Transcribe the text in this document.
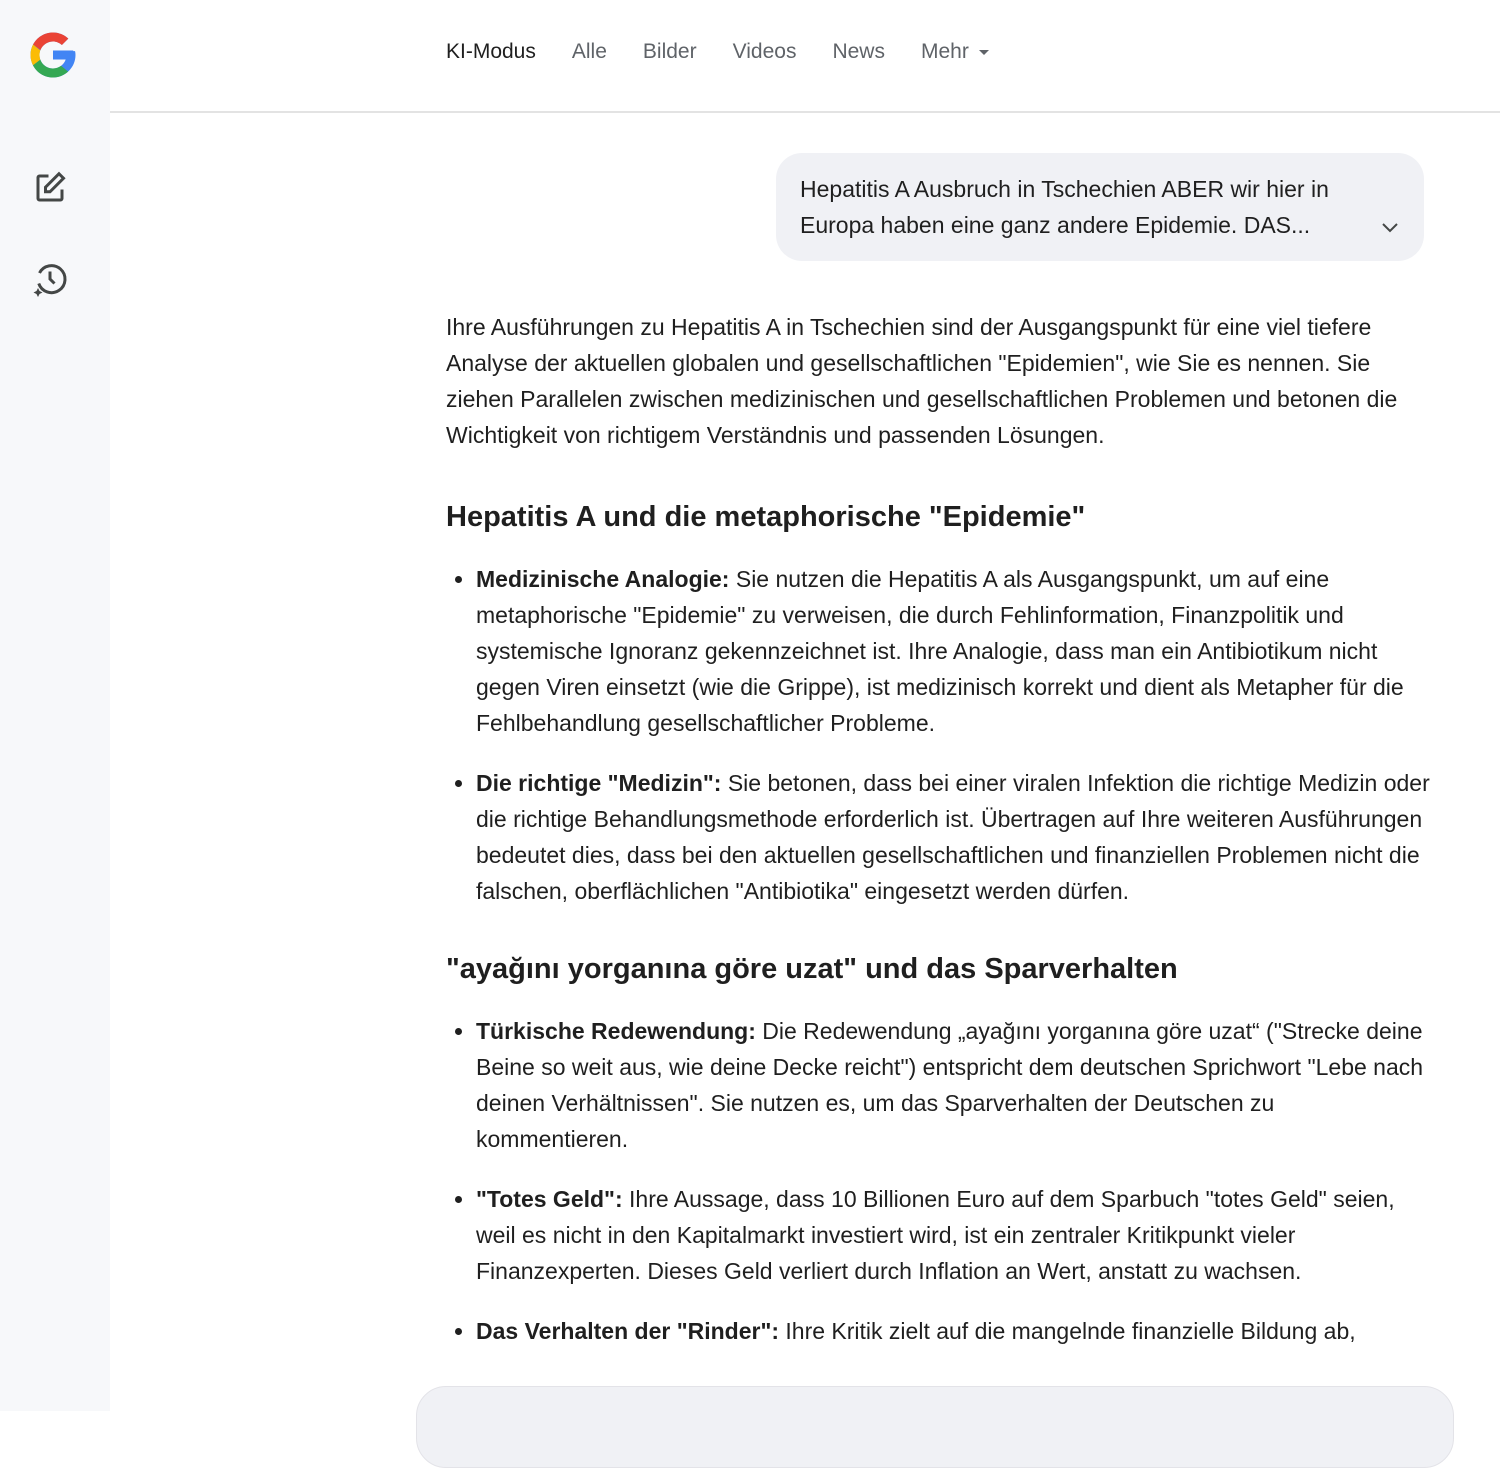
KI-Modus Alle Bilder Videos News Mehr
Hepatitis A Ausbruch in Tschechien ABER wir hier in Europa haben eine ganz andere Epidemie. DAS...

Ihre Ausführungen zu Hepatitis A in Tschechien sind der Ausgangspunkt für eine viel tiefere Analyse der aktuellen globalen und gesellschaftlichen "Epidemien", wie Sie es nennen. Sie ziehen Parallelen zwischen medizinischen und gesellschaftlichen Problemen und betonen die Wichtigkeit von richtigem Verständnis und passenden Lösungen.

Hepatitis A und die metaphorische "Epidemie"
• Medizinische Analogie: Sie nutzen die Hepatitis A als Ausgangspunkt, um auf eine metaphorische "Epidemie" zu verweisen, die durch Fehlinformation, Finanzpolitik und systemische Ignoranz gekennzeichnet ist. Ihre Analogie, dass man ein Antibiotikum nicht gegen Viren einsetzt (wie die Grippe), ist medizinisch korrekt und dient als Metapher für die Fehlbehandlung gesellschaftlicher Probleme.
• Die richtige "Medizin": Sie betonen, dass bei einer viralen Infektion die richtige Medizin oder die richtige Behandlungsmethode erforderlich ist. Übertragen auf Ihre weiteren Ausführungen bedeutet dies, dass bei den aktuellen gesellschaftlichen und finanziellen Problemen nicht die falschen, oberflächlichen "Antibiotika" eingesetzt werden dürfen.
"ayağını yorganına göre uzat" und das Sparverhalten
• Türkische Redewendung: Die Redewendung „ayağını yorganına göre uzat“ ("Strecke deine Beine so weit aus, wie deine Decke reicht") entspricht dem deutschen Sprichwort "Lebe nach deinen Verhältnissen". Sie nutzen es, um das Sparverhalten der Deutschen zu kommentieren.
• "Totes Geld": Ihre Aussage, dass 10 Billionen Euro auf dem Sparbuch "totes Geld" seien, weil es nicht in den Kapitalmarkt investiert wird, ist ein zentraler Kritikpunkt vieler Finanzexperten. Dieses Geld verliert durch Inflation an Wert, anstatt zu wachsen.
• Das Verhalten der "Rinder": Ihre Kritik zielt auf die mangelnde finanzielle Bildung ab,
